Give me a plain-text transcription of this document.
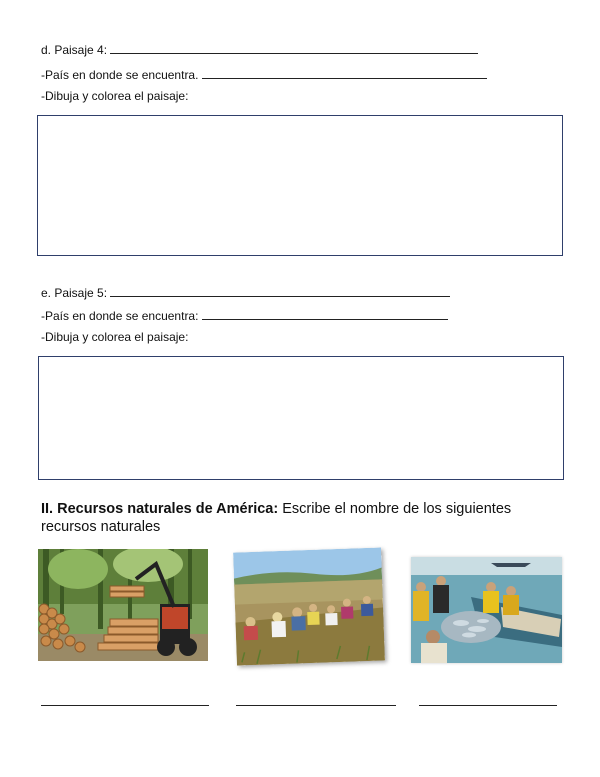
d. Paisaje 4:
-País en donde se encuentra.
-Dibuja y colorea el paisaje:
e. Paisaje 5:
-País en donde se encuentra:
-Dibuja y colorea el paisaje:
II. Recursos naturales de América: Escribe el nombre de los siguientes recursos naturales
